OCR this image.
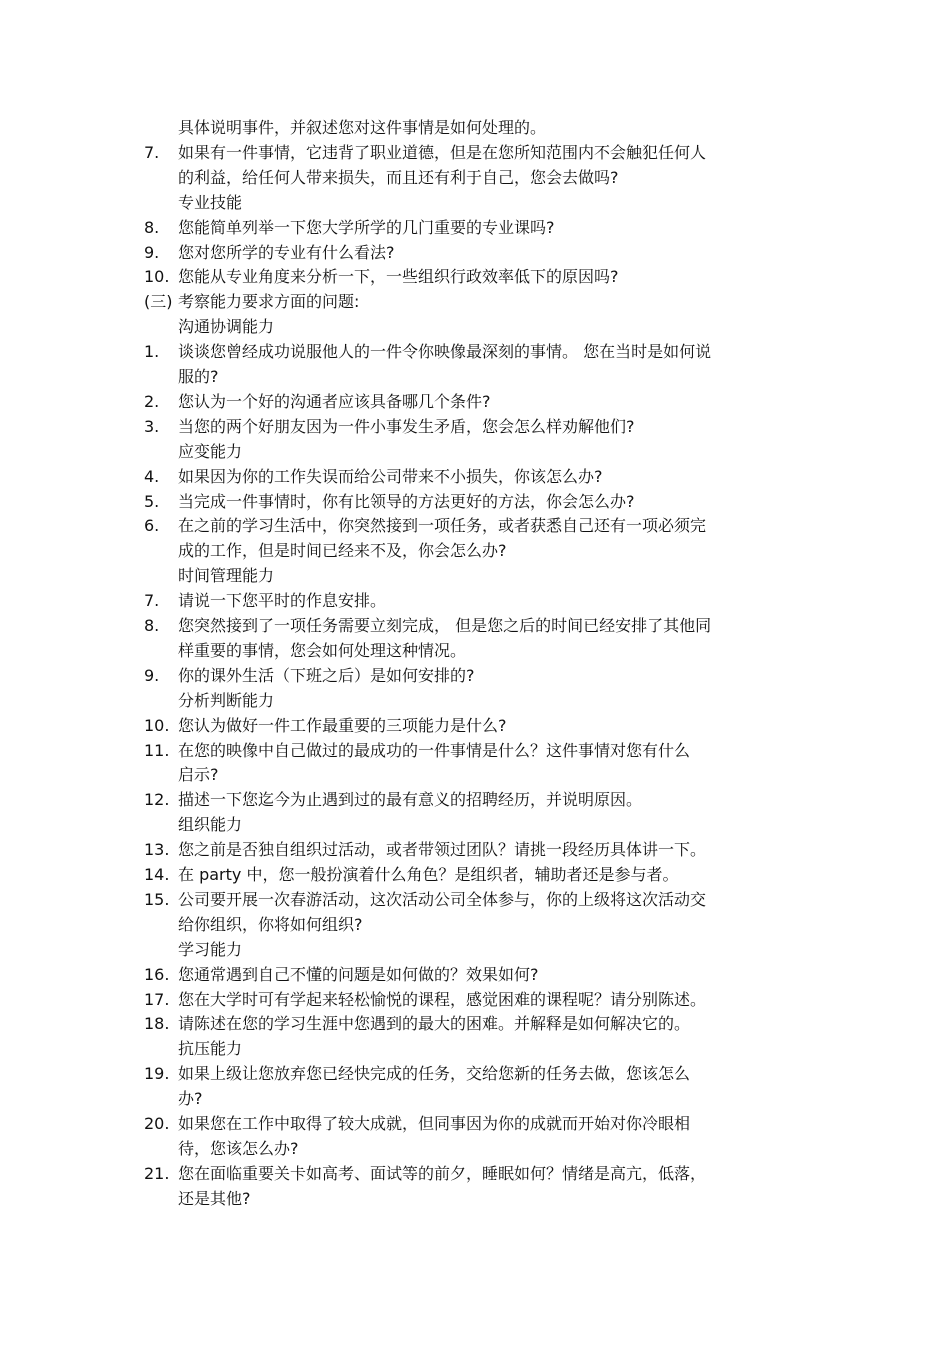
具体说明事件，并叙述您对这件事情是如何处理的。
7. 如果有一件事情，它违背了职业道德，但是在您所知范围内不会触犯任何人
的利益，给任何人带来损失，而且还有利于自己，您会去做吗?
专业技能
8. 您能简单列举一下您大学所学的几门重要的专业课吗?
9. 您对您所学的专业有什么看法?
10. 您能从专业角度来分析一下，一些组织行政效率低下的原因吗?
(三) 考察能力要求方面的问题:
沟通协调能力
1. 谈谈您曾经成功说服他人的一件令你映像最深刻的事情。 您在当时是如何说
服的?
2. 您认为一个好的沟通者应该具备哪几个条件?
3. 当您的两个好朋友因为一件小事发生矛盾，您会怎么样劝解他们?
应变能力
4. 如果因为你的工作失误而给公司带来不小损失，你该怎么办?
5. 当完成一件事情时，你有比领导的方法更好的方法，你会怎么办?
6. 在之前的学习生活中，你突然接到一项任务，或者获悉自己还有一项必须完
成的工作，但是时间已经来不及，你会怎么办?
时间管理能力
7. 请说一下您平时的作息安排。
8. 您突然接到了一项任务需要立刻完成， 但是您之后的时间已经安排了其他同
样重要的事情，您会如何处理这种情况。
9. 你的课外生活（下班之后）是如何安排的?
分析判断能力
10. 您认为做好一件工作最重要的三项能力是什么?
11. 在您的映像中自己做过的最成功的一件事情是什么？这件事情对您有什么
启示?
12. 描述一下您迄今为止遇到过的最有意义的招聘经历，并说明原因。
组织能力
13. 您之前是否独自组织过活动，或者带领过团队？请挑一段经历具体讲一下。
14. 在 party 中，您一般扮演着什么角色？是组织者，辅助者还是参与者。
15. 公司要开展一次春游活动，这次活动公司全体参与，你的上级将这次活动交
给你组织，你将如何组织?
学习能力
16. 您通常遇到自己不懂的问题是如何做的？效果如何?
17. 您在大学时可有学起来轻松愉悦的课程，感觉困难的课程呢？请分别陈述。
18. 请陈述在您的学习生涯中您遇到的最大的困难。并解释是如何解决它的。
抗压能力
19. 如果上级让您放弃您已经快完成的任务，交给您新的任务去做，您该怎么
办?
20. 如果您在工作中取得了较大成就，但同事因为你的成就而开始对你冷眼相
待，您该怎么办?
21. 您在面临重要关卡如高考、面试等的前夕，睡眠如何？情绪是高亢，低落，
还是其他?
